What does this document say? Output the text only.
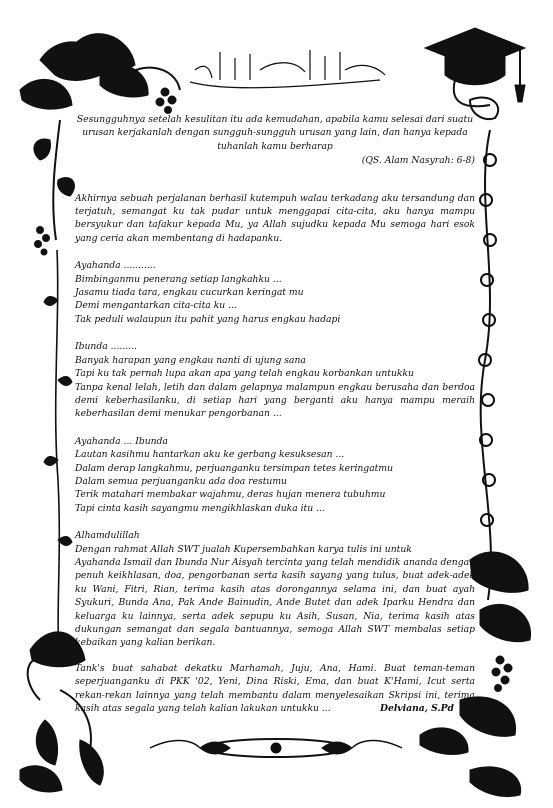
Sesungguhnya setelah kesulitan itu ada kemudahan, apabila kamu selesai dari suatu urusan kerjakanlah dengan sungguh-sungguh urusan yang lain, dan hanya kepada tuhanlah kamu berharap
(QS. Alam Nasyrah: 6-8)
Akhirnya sebuah perjalanan berhasil kutempuh walau terkadang aku tersandung dan terjatuh, semangat ku tak pudar untuk menggapai cita-cita, aku hanya mampu bersyukur dan tafakur kepada Mu, ya Allah sujudku kepada Mu semoga hari esok yang ceria akan membentang di hadapanku.
Ayahanda ...........
Bimbinganmu penerang setiap langkahku ...
Jasamu tiada tara, engkau cucurkan keringat mu
Demi mengantarkan cita-cita ku ...
Tak peduli walaupun itu pahit yang harus engkau hadapi
Ibunda .........
Banyak harapan yang engkau nanti di ujung sana
Tapi ku tak pernah lupa akan apa yang telah engkau korbankan untukku
Tanpa kenal lelah, letih dan dalam gelapnya malampun engkau berusaha dan berdoa demi keberhasilanku, di setiap hari yang berganti aku hanya mampu meraih keberhasilan demi menukar pengorbanan ...
Ayahanda ... Ibunda
Lautan kasihmu hantarkan aku ke gerbang kesuksesan ...
Dalam derap langkahmu, perjuanganku tersimpan tetes keringatmu
Dalam semua perjuanganku ada doa restumu
Terik matahari membakar wajahmu, deras hujan menera tubuhmu
Tapi cinta kasih sayangmu mengikhlaskan duka itu ...
Alhamdulillah
Dengan rahmat Allah SWT jualah Kupersembahkan karya tulis ini untuk
Ayahanda Ismail dan Ibunda Nur Aisyah tercinta yang telah mendidik ananda dengan penuh keikhlasan, doa, pengorbanan serta kasih sayang yang tulus, buat adek-adek ku Wani, Fitri, Rian, terima kasih atas dorongannya selama ini, dan buat ayah Syukuri, Bunda Ana, Pak Ande Bainudin, Ande Butet dan adek Iparku Hendra dan keluarga ku lainnya, serta adek sepupu ku Asih, Susan, Nia, terima kasih atas dukungan semangat dan segala bantuannya, semoga Allah SWT membalas setiap kebaikan yang kalian berikan.
Tank's buat sahabat dekatku Marhamah, Juju, Ana, Hami. Buat teman-teman seperjuanganku di PKK '02, Yeni, Dina Riski, Ema, dan buat K'Hami, Icut serta rekan-rekan lainnya yang telah membantu dalam menyelesaikan Skripsi ini, terima kasih atas segala yang telah kalian lakukan untukku ...	Delviana, S.Pd
